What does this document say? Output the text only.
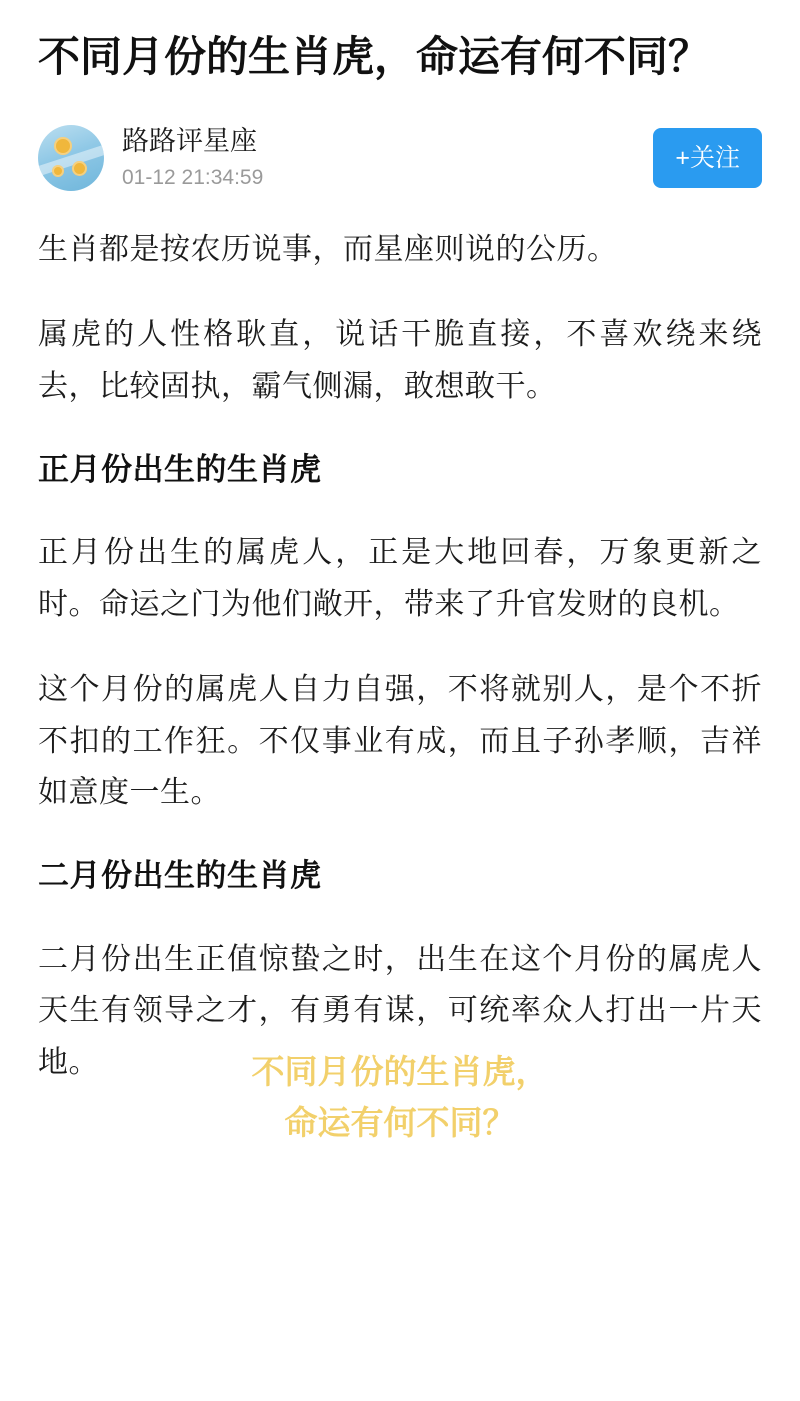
不同月份的生肖虎，命运有何不同？
路路评星座
01-12 21:34:59
+关注

生肖都是按农历说事，而星座则说的公历。

属虎的人性格耿直，说话干脆直接，不喜欢绕来绕去，比较固执，霸气侧漏，敢想敢干。

正月份出生的生肖虎

正月份出生的属虎人，正是大地回春，万象更新之时。命运之门为他们敞开，带来了升官发财的良机。

这个月份的属虎人自力自强，不将就别人，是个不折不扣的工作狂。不仅事业有成，而且子孙孝顺，吉祥如意度一生。

二月份出生的生肖虎

二月份出生正值惊蛰之时，出生在这个月份的属虎人天生有领导之才，有勇有谋，可统率众人打出一片天地。	不同月份的生肖虎，
命运有何不同？
